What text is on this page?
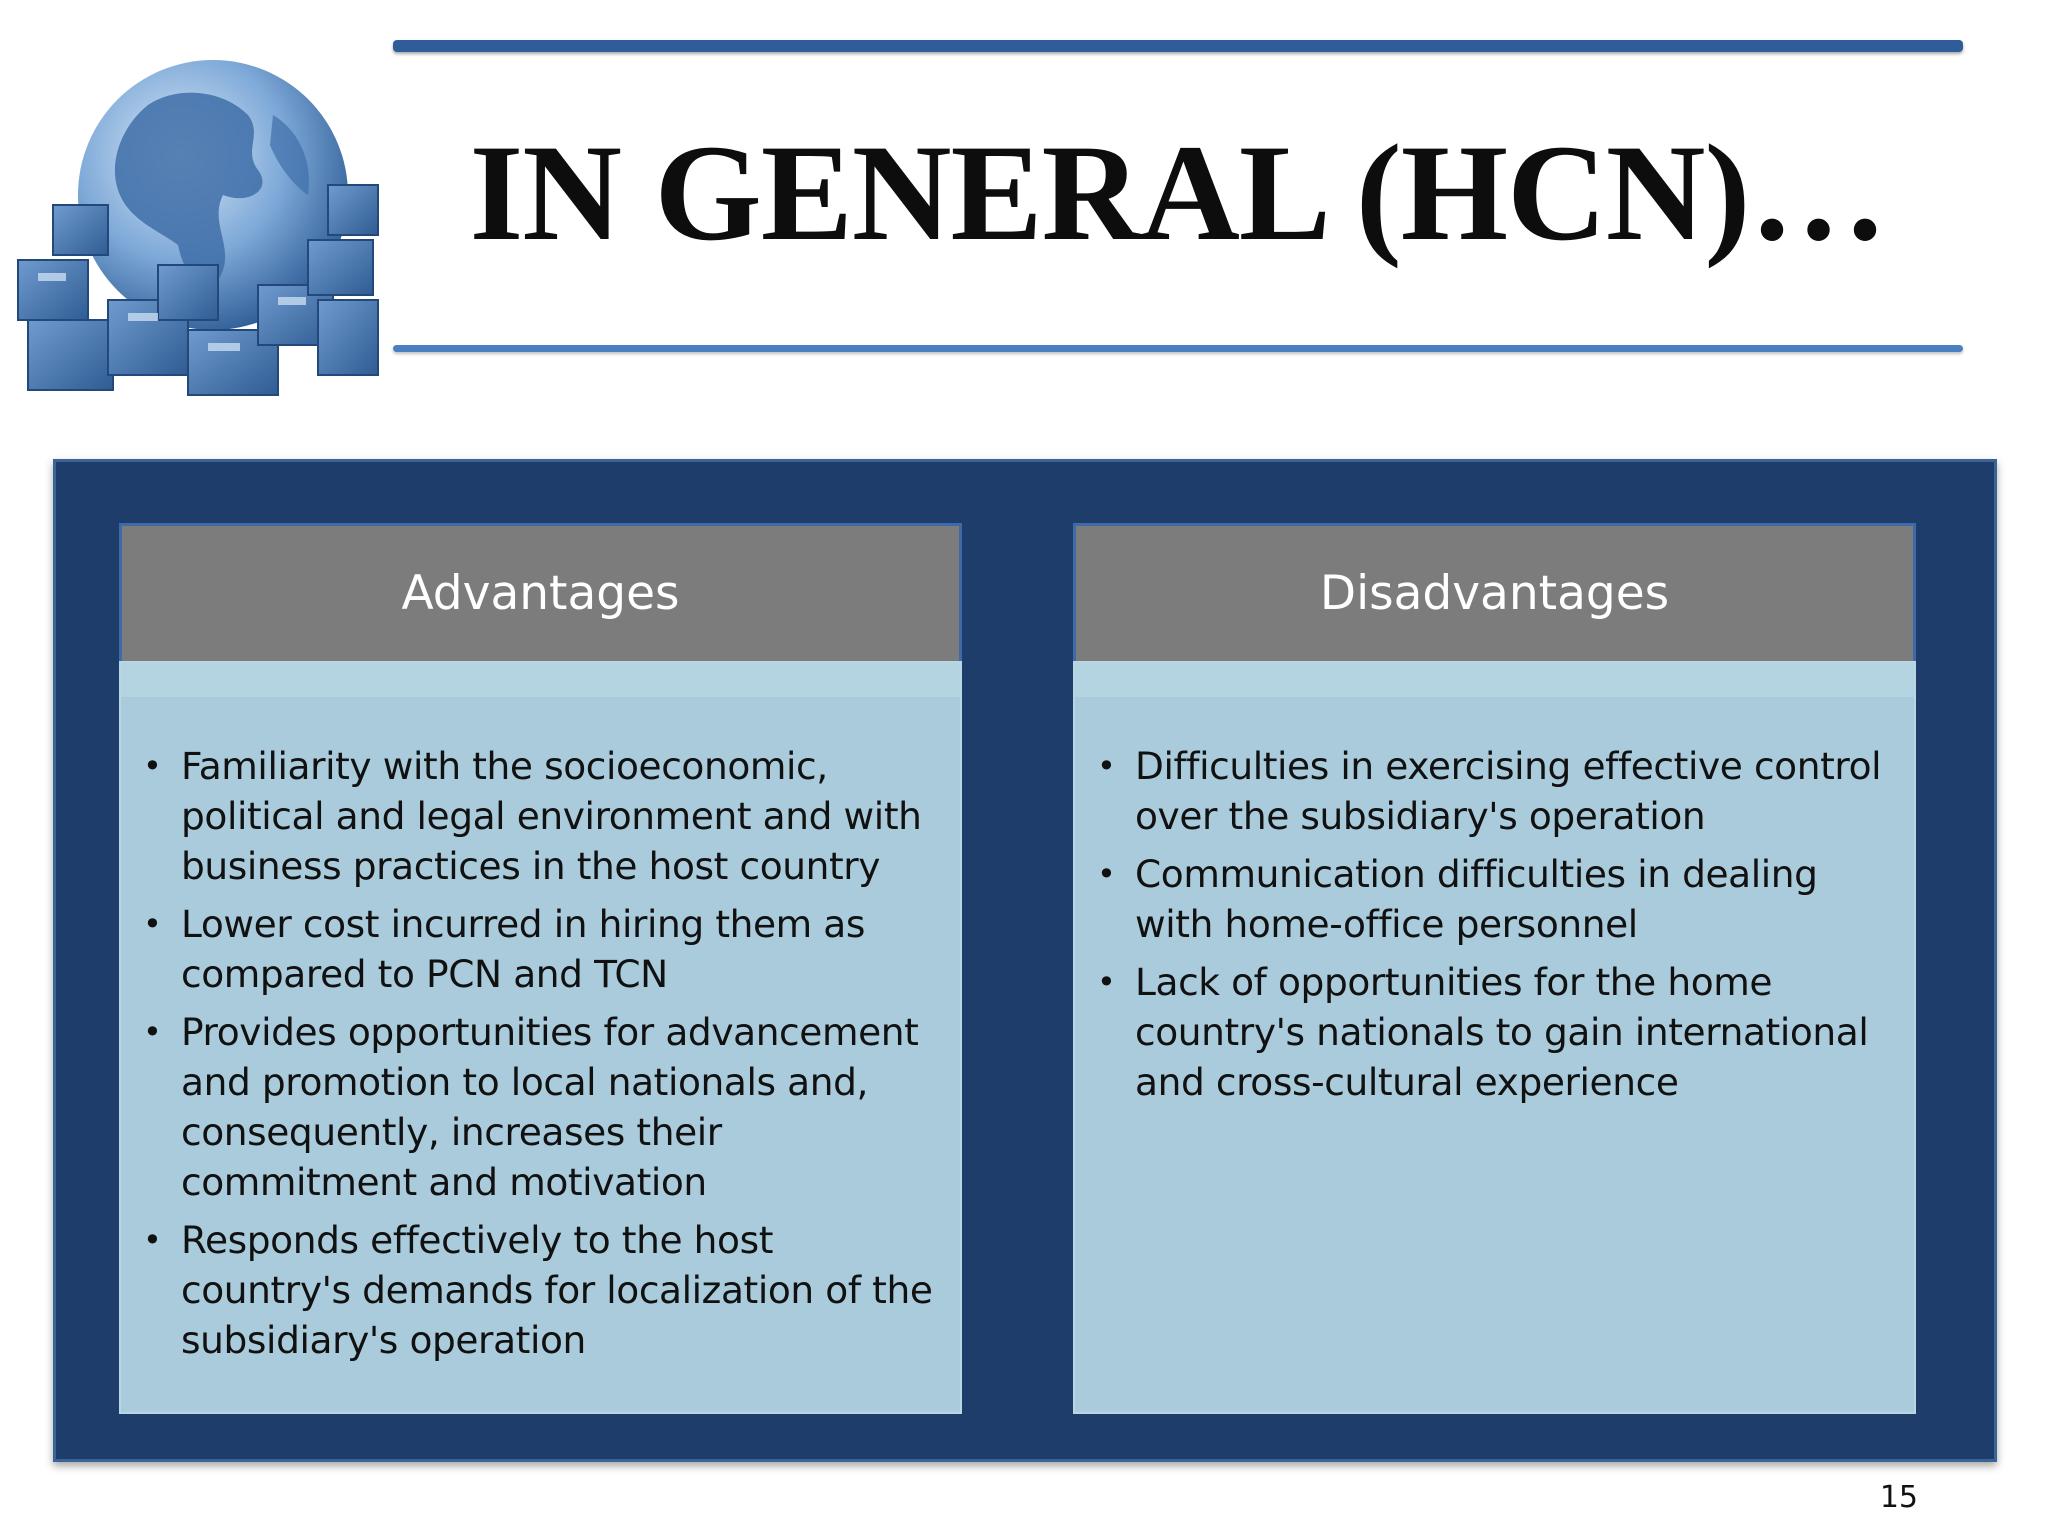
IN GENERAL (HCN)…
Advantages
• Familiarity with the socioeconomic, political and legal environment and with business practices in the host country
• Lower cost incurred in hiring them as compared to PCN and TCN
• Provides opportunities for advancement and promotion to local nationals and, consequently, increases their commitment and motivation
• Responds effectively to the host country's demands for localization of the subsidiary's operation
Disadvantages
• Difficulties in exercising effective control over the subsidiary's operation
• Communication difficulties in dealing with home-office personnel
• Lack of opportunities for the home country's nationals to gain international and cross-cultural experience
15
